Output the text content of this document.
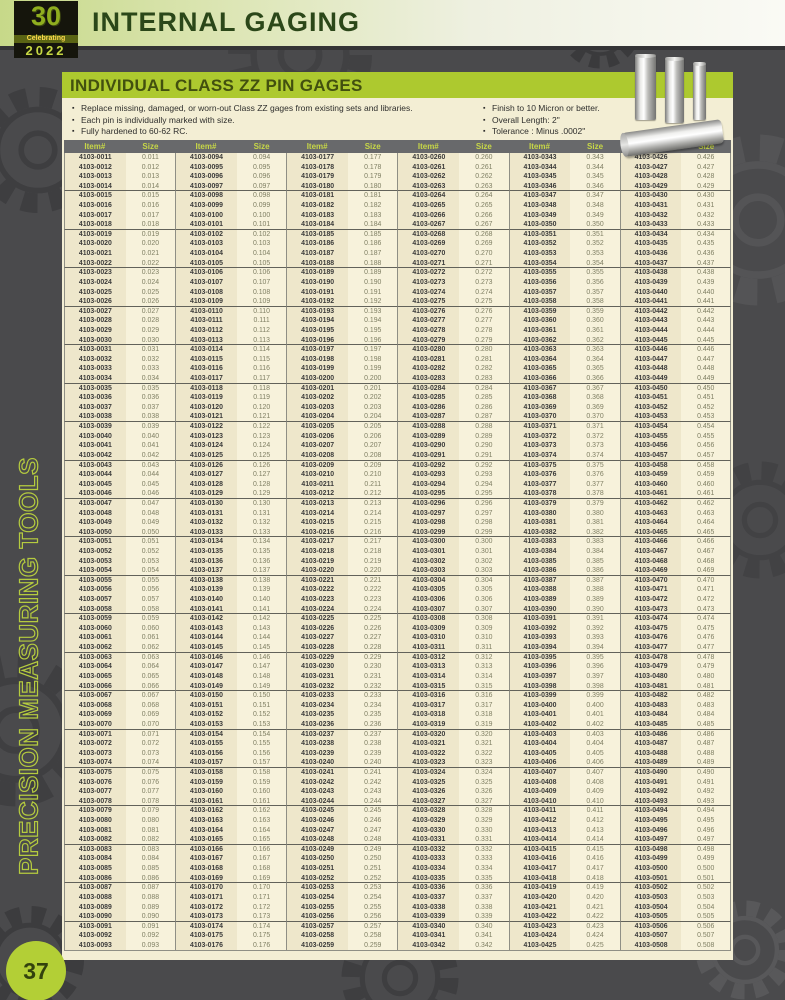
INTERNAL GAGING
30
Celebrating
2022
PRECISION MEASURING TOOLS
37
INDIVIDUAL CLASS ZZ PIN GAGES
▪ Replace missing, damaged, or worn-out Class ZZ gages from existing sets and libraries.
▪ Each pin is individually marked with size.
▪ Fully hardened to 60-62 RC.
▪ Finish to 10 Micron or better.
▪ Overall Length: 2"
▪ Tolerance : Minus .0002"
Item#	Size	Item#	Size	Item#	Size	Item#	Size	Item#	Size	Size
4103-0011	0.011	4103-0094	0.094	4103-0177	0.177	4103-0260	0.260	4103-0343	0.343	4103-0426	0.426
4103-0012	0.012	4103-0095	0.095	4103-0178	0.178	4103-0261	0.261	4103-0344	0.344	4103-0427	0.427
4103-0013	0.013	4103-0096	0.096	4103-0179	0.179	4103-0262	0.262	4103-0345	0.345	4103-0428	0.428
4103-0014	0.014	4103-0097	0.097	4103-0180	0.180	4103-0263	0.263	4103-0346	0.346	4103-0429	0.429
4103-0015	0.015	4103-0098	0.098	4103-0181	0.181	4103-0264	0.264	4103-0347	0.347	4103-0430	0.430
4103-0016	0.016	4103-0099	0.099	4103-0182	0.182	4103-0265	0.265	4103-0348	0.348	4103-0431	0.431
4103-0017	0.017	4103-0100	0.100	4103-0183	0.183	4103-0266	0.266	4103-0349	0.349	4103-0432	0.432
4103-0018	0.018	4103-0101	0.101	4103-0184	0.184	4103-0267	0.267	4103-0350	0.350	4103-0433	0.433
4103-0019	0.019	4103-0102	0.102	4103-0185	0.185	4103-0268	0.268	4103-0351	0.351	4103-0434	0.434
4103-0020	0.020	4103-0103	0.103	4103-0186	0.186	4103-0269	0.269	4103-0352	0.352	4103-0435	0.435
4103-0021	0.021	4103-0104	0.104	4103-0187	0.187	4103-0270	0.270	4103-0353	0.353	4103-0436	0.436
4103-0022	0.022	4103-0105	0.105	4103-0188	0.188	4103-0271	0.271	4103-0354	0.354	4103-0437	0.437
4103-0023	0.023	4103-0106	0.106	4103-0189	0.189	4103-0272	0.272	4103-0355	0.355	4103-0438	0.438
4103-0024	0.024	4103-0107	0.107	4103-0190	0.190	4103-0273	0.273	4103-0356	0.356	4103-0439	0.439
4103-0025	0.025	4103-0108	0.108	4103-0191	0.191	4103-0274	0.274	4103-0357	0.357	4103-0440	0.440
4103-0026	0.026	4103-0109	0.109	4103-0192	0.192	4103-0275	0.275	4103-0358	0.358	4103-0441	0.441
4103-0027	0.027	4103-0110	0.110	4103-0193	0.193	4103-0276	0.276	4103-0359	0.359	4103-0442	0.442
4103-0028	0.028	4103-0111	0.111	4103-0194	0.194	4103-0277	0.277	4103-0360	0.360	4103-0443	0.443
4103-0029	0.029	4103-0112	0.112	4103-0195	0.195	4103-0278	0.278	4103-0361	0.361	4103-0444	0.444
4103-0030	0.030	4103-0113	0.113	4103-0196	0.196	4103-0279	0.279	4103-0362	0.362	4103-0445	0.445
4103-0031	0.031	4103-0114	0.114	4103-0197	0.197	4103-0280	0.280	4103-0363	0.363	4103-0446	0.446
4103-0032	0.032	4103-0115	0.115	4103-0198	0.198	4103-0281	0.281	4103-0364	0.364	4103-0447	0.447
4103-0033	0.033	4103-0116	0.116	4103-0199	0.199	4103-0282	0.282	4103-0365	0.365	4103-0448	0.448
4103-0034	0.034	4103-0117	0.117	4103-0200	0.200	4103-0283	0.283	4103-0366	0.366	4103-0449	0.449
4103-0035	0.035	4103-0118	0.118	4103-0201	0.201	4103-0284	0.284	4103-0367	0.367	4103-0450	0.450
4103-0036	0.036	4103-0119	0.119	4103-0202	0.202	4103-0285	0.285	4103-0368	0.368	4103-0451	0.451
4103-0037	0.037	4103-0120	0.120	4103-0203	0.203	4103-0286	0.286	4103-0369	0.369	4103-0452	0.452
4103-0038	0.038	4103-0121	0.121	4103-0204	0.204	4103-0287	0.287	4103-0370	0.370	4103-0453	0.453
4103-0039	0.039	4103-0122	0.122	4103-0205	0.205	4103-0288	0.288	4103-0371	0.371	4103-0454	0.454
4103-0040	0.040	4103-0123	0.123	4103-0206	0.206	4103-0289	0.289	4103-0372	0.372	4103-0455	0.455
4103-0041	0.041	4103-0124	0.124	4103-0207	0.207	4103-0290	0.290	4103-0373	0.373	4103-0456	0.456
4103-0042	0.042	4103-0125	0.125	4103-0208	0.208	4103-0291	0.291	4103-0374	0.374	4103-0457	0.457
4103-0043	0.043	4103-0126	0.126	4103-0209	0.209	4103-0292	0.292	4103-0375	0.375	4103-0458	0.458
4103-0044	0.044	4103-0127	0.127	4103-0210	0.210	4103-0293	0.293	4103-0376	0.376	4103-0459	0.459
4103-0045	0.045	4103-0128	0.128	4103-0211	0.211	4103-0294	0.294	4103-0377	0.377	4103-0460	0.460
4103-0046	0.046	4103-0129	0.129	4103-0212	0.212	4103-0295	0.295	4103-0378	0.378	4103-0461	0.461
4103-0047	0.047	4103-0130	0.130	4103-0213	0.213	4103-0296	0.296	4103-0379	0.379	4103-0462	0.462
4103-0048	0.048	4103-0131	0.131	4103-0214	0.214	4103-0297	0.297	4103-0380	0.380	4103-0463	0.463
4103-0049	0.049	4103-0132	0.132	4103-0215	0.215	4103-0298	0.298	4103-0381	0.381	4103-0464	0.464
4103-0050	0.050	4103-0133	0.133	4103-0216	0.216	4103-0299	0.299	4103-0382	0.382	4103-0465	0.465
4103-0051	0.051	4103-0134	0.134	4103-0217	0.217	4103-0300	0.300	4103-0383	0.383	4103-0466	0.466
4103-0052	0.052	4103-0135	0.135	4103-0218	0.218	4103-0301	0.301	4103-0384	0.384	4103-0467	0.467
4103-0053	0.053	4103-0136	0.136	4103-0219	0.219	4103-0302	0.302	4103-0385	0.385	4103-0468	0.468
4103-0054	0.054	4103-0137	0.137	4103-0220	0.220	4103-0303	0.303	4103-0386	0.386	4103-0469	0.469
4103-0055	0.055	4103-0138	0.138	4103-0221	0.221	4103-0304	0.304	4103-0387	0.387	4103-0470	0.470
4103-0056	0.056	4103-0139	0.139	4103-0222	0.222	4103-0305	0.305	4103-0388	0.388	4103-0471	0.471
4103-0057	0.057	4103-0140	0.140	4103-0223	0.223	4103-0306	0.306	4103-0389	0.389	4103-0472	0.472
4103-0058	0.058	4103-0141	0.141	4103-0224	0.224	4103-0307	0.307	4103-0390	0.390	4103-0473	0.473
4103-0059	0.059	4103-0142	0.142	4103-0225	0.225	4103-0308	0.308	4103-0391	0.391	4103-0474	0.474
4103-0060	0.060	4103-0143	0.143	4103-0226	0.226	4103-0309	0.309	4103-0392	0.392	4103-0475	0.475
4103-0061	0.061	4103-0144	0.144	4103-0227	0.227	4103-0310	0.310	4103-0393	0.393	4103-0476	0.476
4103-0062	0.062	4103-0145	0.145	4103-0228	0.228	4103-0311	0.311	4103-0394	0.394	4103-0477	0.477
4103-0063	0.063	4103-0146	0.146	4103-0229	0.229	4103-0312	0.312	4103-0395	0.395	4103-0478	0.478
4103-0064	0.064	4103-0147	0.147	4103-0230	0.230	4103-0313	0.313	4103-0396	0.396	4103-0479	0.479
4103-0065	0.065	4103-0148	0.148	4103-0231	0.231	4103-0314	0.314	4103-0397	0.397	4103-0480	0.480
4103-0066	0.066	4103-0149	0.149	4103-0232	0.232	4103-0315	0.315	4103-0398	0.398	4103-0481	0.481
4103-0067	0.067	4103-0150	0.150	4103-0233	0.233	4103-0316	0.316	4103-0399	0.399	4103-0482	0.482
4103-0068	0.068	4103-0151	0.151	4103-0234	0.234	4103-0317	0.317	4103-0400	0.400	4103-0483	0.483
4103-0069	0.069	4103-0152	0.152	4103-0235	0.235	4103-0318	0.318	4103-0401	0.401	4103-0484	0.484
4103-0070	0.070	4103-0153	0.153	4103-0236	0.236	4103-0319	0.319	4103-0402	0.402	4103-0485	0.485
4103-0071	0.071	4103-0154	0.154	4103-0237	0.237	4103-0320	0.320	4103-0403	0.403	4103-0486	0.486
4103-0072	0.072	4103-0155	0.155	4103-0238	0.238	4103-0321	0.321	4103-0404	0.404	4103-0487	0.487
4103-0073	0.073	4103-0156	0.156	4103-0239	0.239	4103-0322	0.322	4103-0405	0.405	4103-0488	0.488
4103-0074	0.074	4103-0157	0.157	4103-0240	0.240	4103-0323	0.323	4103-0406	0.406	4103-0489	0.489
4103-0075	0.075	4103-0158	0.158	4103-0241	0.241	4103-0324	0.324	4103-0407	0.407	4103-0490	0.490
4103-0076	0.076	4103-0159	0.159	4103-0242	0.242	4103-0325	0.325	4103-0408	0.408	4103-0491	0.491
4103-0077	0.077	4103-0160	0.160	4103-0243	0.243	4103-0326	0.326	4103-0409	0.409	4103-0492	0.492
4103-0078	0.078	4103-0161	0.161	4103-0244	0.244	4103-0327	0.327	4103-0410	0.410	4103-0493	0.493
4103-0079	0.079	4103-0162	0.162	4103-0245	0.245	4103-0328	0.328	4103-0411	0.411	4103-0494	0.494
4103-0080	0.080	4103-0163	0.163	4103-0246	0.246	4103-0329	0.329	4103-0412	0.412	4103-0495	0.495
4103-0081	0.081	4103-0164	0.164	4103-0247	0.247	4103-0330	0.330	4103-0413	0.413	4103-0496	0.496
4103-0082	0.082	4103-0165	0.165	4103-0248	0.248	4103-0331	0.331	4103-0414	0.414	4103-0497	0.497
4103-0083	0.083	4103-0166	0.166	4103-0249	0.249	4103-0332	0.332	4103-0415	0.415	4103-0498	0.498
4103-0084	0.084	4103-0167	0.167	4103-0250	0.250	4103-0333	0.333	4103-0416	0.416	4103-0499	0.499
4103-0085	0.085	4103-0168	0.168	4103-0251	0.251	4103-0334	0.334	4103-0417	0.417	4103-0500	0.500
4103-0086	0.086	4103-0169	0.169	4103-0252	0.252	4103-0335	0.335	4103-0418	0.418	4103-0501	0.501
4103-0087	0.087	4103-0170	0.170	4103-0253	0.253	4103-0336	0.336	4103-0419	0.419	4103-0502	0.502
4103-0088	0.088	4103-0171	0.171	4103-0254	0.254	4103-0337	0.337	4103-0420	0.420	4103-0503	0.503
4103-0089	0.089	4103-0172	0.172	4103-0255	0.255	4103-0338	0.338	4103-0421	0.421	4103-0504	0.504
4103-0090	0.090	4103-0173	0.173	4103-0256	0.256	4103-0339	0.339	4103-0422	0.422	4103-0505	0.505
4103-0091	0.091	4103-0174	0.174	4103-0257	0.257	4103-0340	0.340	4103-0423	0.423	4103-0506	0.506
4103-0092	0.092	4103-0175	0.175	4103-0258	0.258	4103-0341	0.341	4103-0424	0.424	4103-0507	0.507
4103-0093	0.093	4103-0176	0.176	4103-0259	0.259	4103-0342	0.342	4103-0425	0.425	4103-0508	0.508
